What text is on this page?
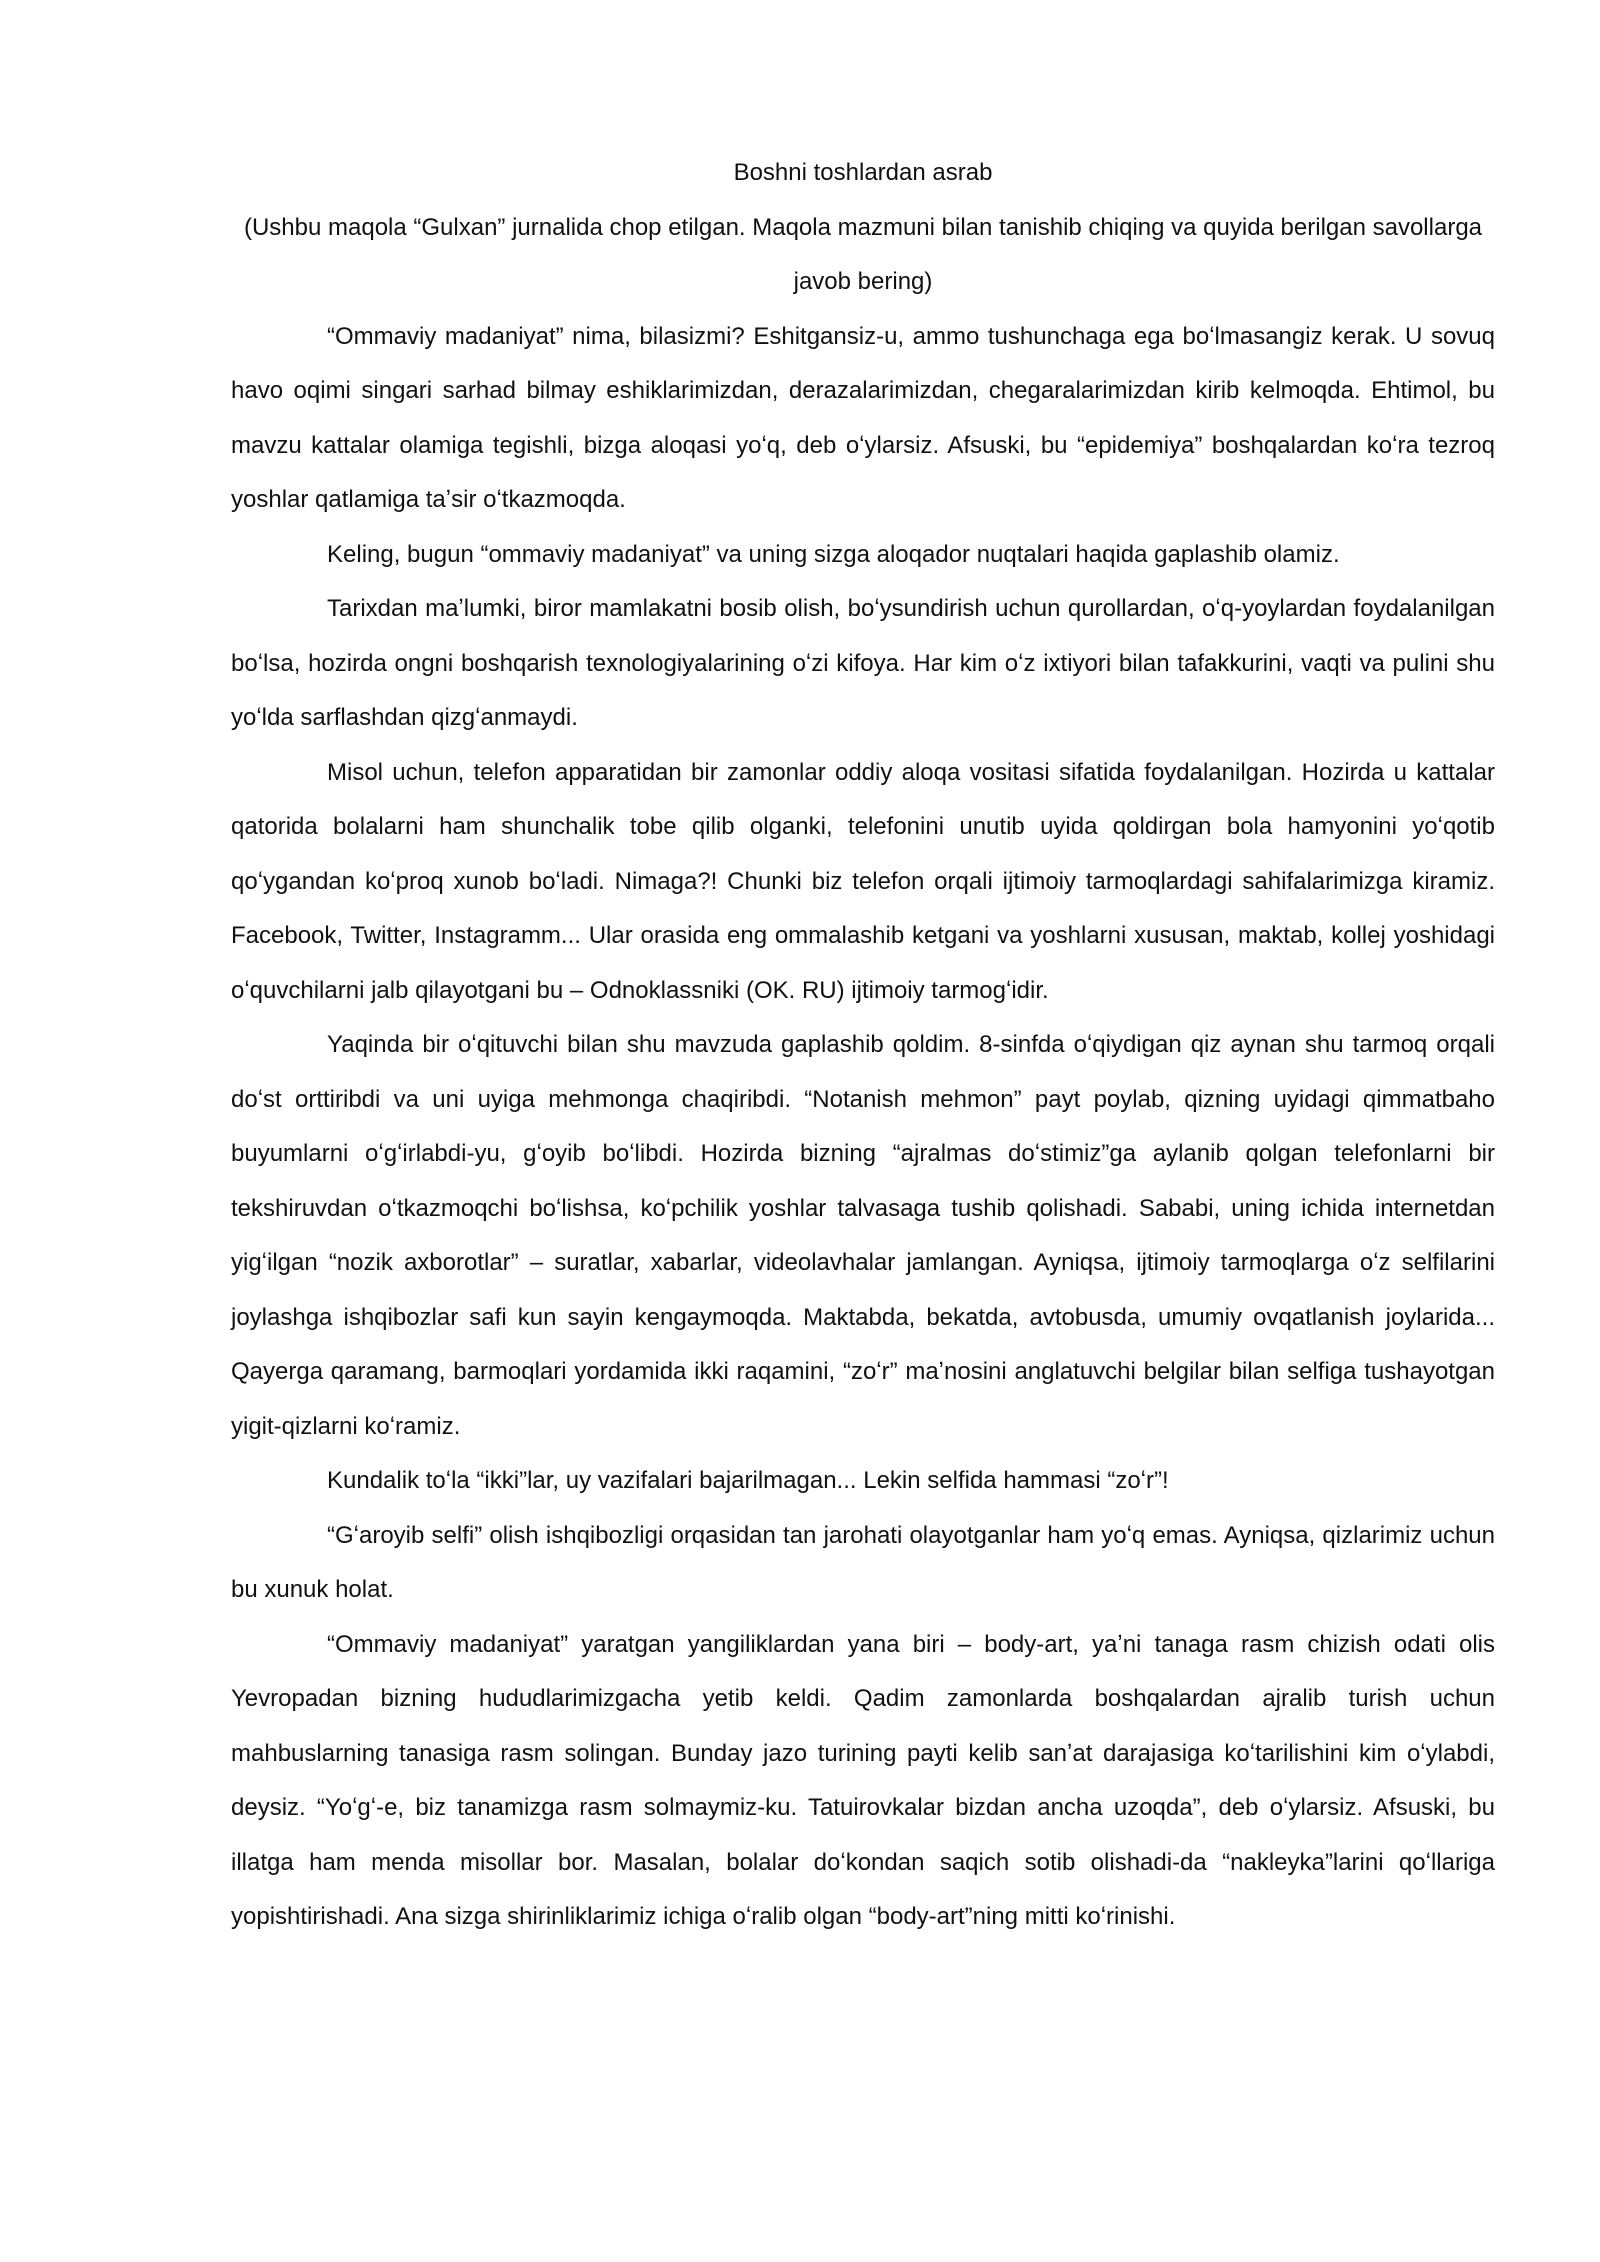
Boshni toshlardan asrab

(Ushbu maqola “Gulxan” jurnalida chop etilgan. Maqola mazmuni bilan tanishib chiqing va quyida berilgan savollarga javob bering)

“Ommaviy madaniyat” nima, bilasizmi? Eshitgansiz-u, ammo tushunchaga ega boʻlmasangiz kerak. U sovuq havo oqimi singari sarhad bilmay eshiklarimizdan, derazalarimizdan, chegaralarimizdan kirib kelmoqda. Ehtimol, bu mavzu kattalar olamiga tegishli, bizga aloqasi yoʻq, deb oʻylarsiz. Afsuski, bu “epidemiya” boshqalardan koʻra tezroq yoshlar qatlamiga taʼsir oʻtkazmoqda.

Keling, bugun “ommaviy madaniyat” va uning sizga aloqador nuqtalari haqida gaplashib olamiz.

Tarixdan maʼlumki, biror mamlakatni bosib olish, boʻysundirish uchun qurollardan, oʻq-yoylardan foydalanilgan boʻlsa, hozirda ongni boshqarish texnologiyalarining oʻzi kifoya. Har kim oʻz ixtiyori bilan tafakkurini, vaqti va pulini shu yoʻlda sarflashdan qizgʻanmaydi.

Misol uchun, telefon apparatidan bir zamonlar oddiy aloqa vositasi sifatida foydalanilgan. Hozirda u kattalar qatorida bolalarni ham shunchalik tobe qilib olganki, telefonini unutib uyida qoldirgan bola hamyonini yoʻqotib qoʻygandan koʻproq xunob boʻladi. Nimaga?! Chunki biz telefon orqali ijtimoiy tarmoqlardagi sahifalarimizga kiramiz. Facebook, Twitter, Instagramm... Ular orasida eng ommalashib ketgani va yoshlarni xususan, maktab, kollej yoshidagi oʻquvchilarni jalb qilayotgani bu – Odnoklassniki (OK. RU) ijtimoiy tarmogʻidir.

Yaqinda bir oʻqituvchi bilan shu mavzuda gaplashib qoldim. 8-sinfda oʻqiydigan qiz aynan shu tarmoq orqali doʻst orttiribdi va uni uyiga mehmonga chaqiribdi. “Notanish mehmon” payt poylab, qizning uyidagi qimmatbaho buyumlarni oʻgʻirlabdi-yu, gʻoyib boʻlibdi. Hozirda bizning “ajralmas doʻstimiz”ga aylanib qolgan telefonlarni bir tekshiruvdan oʻtkazmoqchi boʻlishsa, koʻpchilik yoshlar talvasaga tushib qolishadi. Sababi, uning ichida internetdan yigʻilgan “nozik axborotlar” – suratlar, xabarlar, videolavhalar jamlangan. Ayniqsa, ijtimoiy tarmoqlarga oʻz selfilarini joylashga ishqibozlar safi kun sayin kengaymoqda. Maktabda, bekatda, avtobusda, umumiy ovqatlanish joylarida... Qayerga qaramang, barmoqlari yordamida ikki raqamini, “zoʻr” maʼnosini anglatuvchi belgilar bilan selfiga tushayotgan yigit-qizlarni koʻramiz.

Kundalik toʻla “ikki”lar, uy vazifalari bajarilmagan... Lekin selfida hammasi “zoʻr”!

“Gʻaroyib selfi” olish ishqibozligi orqasidan tan jarohati olayotganlar ham yoʻq emas. Ayniqsa, qizlarimiz uchun bu xunuk holat.

“Ommaviy madaniyat” yaratgan yangiliklardan yana biri – body-art, yaʼni tanaga rasm chizish odati olis Yevropadan bizning hududlarimizgacha yetib keldi. Qadim zamonlarda boshqalardan ajralib turish uchun mahbuslarning tanasiga rasm solingan. Bunday jazo turining payti kelib sanʼat darajasiga koʻtarilishini kim oʻylabdi, deysiz. “Yoʻgʻ-e, biz tanamizga rasm solmaymiz-ku. Tatuirovkalar bizdan ancha uzoqda”, deb oʻylarsiz. Afsuski, bu illatga ham menda misollar bor. Masalan, bolalar doʻkondan saqich sotib olishadi-da “nakleyka”larini qoʻllariga yopishtirishadi. Ana sizga shirinliklarimiz ichiga oʻralib olgan “body-art”ning mitti koʻrinishi.
